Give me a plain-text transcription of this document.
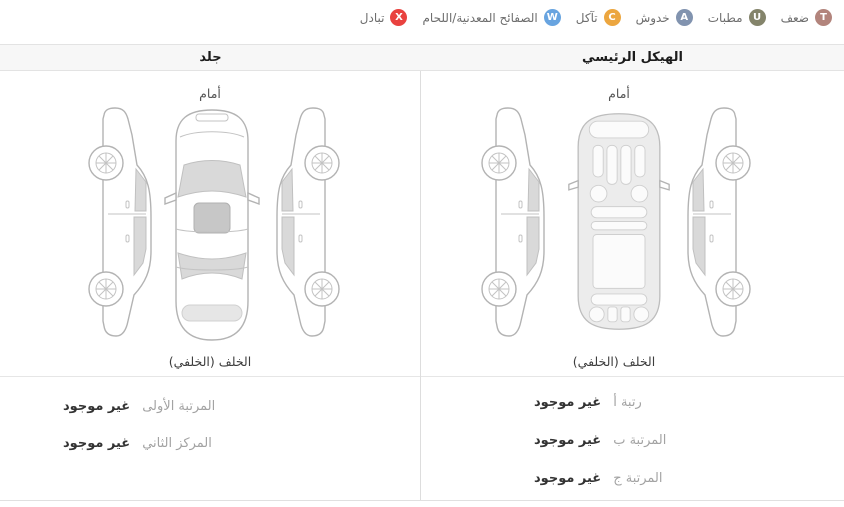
T
ضعف
U
مطبات
A
خدوش
C
تآكل
W
الصفائح المعدنية/اللحام
X
تبادل
جلد	الهيكل الرئيسي
أمام
الخلف (الخلفي)
غير موجود المرتبة الأولى
غير موجود المركز الثاني
أمام
الخلف (الخلفي)
غير موجود رتبة أ
غير موجود المرتبة ب
غير موجود المرتبة ج
